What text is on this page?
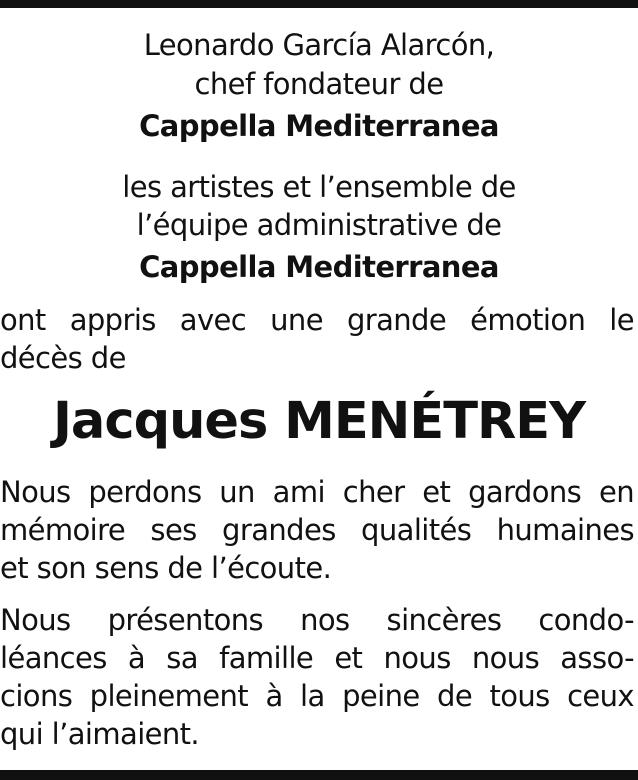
Leonardo García Alarcón,
chef fondateur de
Cappella Mediterranea
les artistes et l’ensemble de
l’équipe administrative de
Cappella Mediterranea
ont appris avec une grande émotion le
décès de
Jacques MENÉTREY
Nous perdons un ami cher et gardons en
mémoire ses grandes qualités humaines
et son sens de l’écoute.
Nous présentons nos sincères condo-
léances à sa famille et nous nous asso-
cions pleinement à la peine de tous ceux
qui l’aimaient.
